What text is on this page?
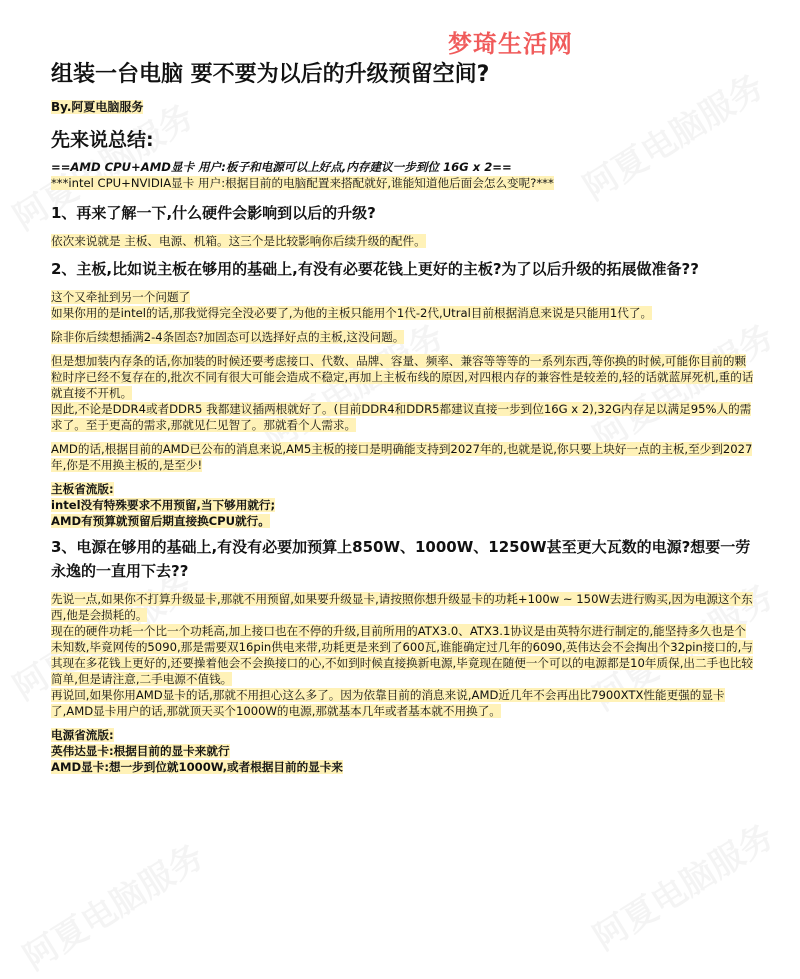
梦琦生活网
组装一台电脑 要不要为以后的升级预留空间?
By.阿夏电脑服务
先来说总结:

==AMD CPU+AMD显卡 用户:板子和电源可以上好点,内存建议一步到位 16G x 2==

***intel CPU+NVIDIA显卡 用户:根据目前的电脑配置来搭配就好,谁能知道他后面会怎么变呢?***

1、再来了解一下,什么硬件会影响到以后的升级?

依次来说就是 主板、电源、机箱。这三个是比较影响你后续升级的配件。

2、主板,比如说主板在够用的基础上,有没有必要花钱上更好的主板?为了以后升级的拓展做准备??

这个又牵扯到另一个问题了
如果你用的是intel的话,那我觉得完全没必要了,为他的主板只能用个1代-2代,Utral目前根据消息来说是只能用1代了。

除非你后续想插满2-4条固态?加固态可以选择好点的主板,这没问题。

但是想加装内存条的话,你加装的时候还要考虑接口、代数、品牌、容量、频率、兼容等等等的一系列东西,等你换的时候,可能你目前的颗粒时序已经不复存在的,批次不同有很大可能会造成不稳定,再加上主板布线的原因,对四根内存的兼容性是较差的,轻的话就蓝屏死机,重的话就直接不开机。
因此,不论是DDR4或者DDR5 我都建议插两根就好了。(目前DDR4和DDR5都建议直接一步到位16G x 2),32G内存足以满足95%人的需求了。至于更高的需求,那就见仁见智了。那就看个人需求。

AMD的话,根据目前的AMD已公布的消息来说,AM5主板的接口是明确能支持到2027年的,也就是说,你只要上块好一点的主板,至少到2027年,你是不用换主板的,是至少!

主板省流版:
intel没有特殊要求不用预留,当下够用就行;
AMD有预算就预留后期直接换CPU就行。

3、电源在够用的基础上,有没有必要加预算上850W、1000W、1250W甚至更大瓦数的电源?想要一劳永逸的一直用下去??

先说一点,如果你不打算升级显卡,那就不用预留,如果要升级显卡,请按照你想升级显卡的功耗+100w ~ 150W去进行购买,因为电源这个东西,他是会损耗的。
现在的硬件功耗一个比一个功耗高,加上接口也在不停的升级,目前所用的ATX3.0、ATX3.1协议是由英特尔进行制定的,能坚持多久也是个未知数,毕竟网传的5090,那是需要双16pin供电来带,功耗更是来到了600瓦,谁能确定过几年的6090,英伟达会不会掏出个32pin接口的,与其现在多花钱上更好的,还要操着他会不会换接口的心,不如到时候直接换新电源,毕竟现在随便一个可以的电源都是10年质保,出二手也比较简单,但是请注意,二手电源不值钱。
再说回,如果你用AMD显卡的话,那就不用担心这么多了。因为依靠目前的消息来说,AMD近几年不会再出比7900XTX性能更强的显卡了,AMD显卡用户的话,那就顶天买个1000W的电源,那就基本几年或者基本就不用换了。

电源省流版:
英伟达显卡:根据目前的显卡来就行
AMD显卡:想一步到位就1000W,或者根据目前的显卡来
